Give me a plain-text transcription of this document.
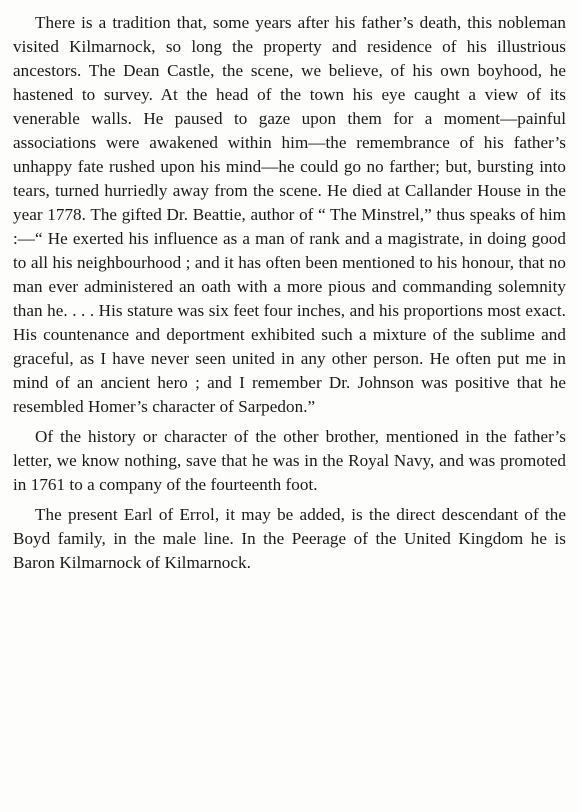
There is a tradition that, some years after his father’s death, this nobleman visited Kilmarnock, so long the property and residence of his illustrious ancestors. The Dean Castle, the scene, we believe, of his own boyhood, he hastened to survey. At the head of the town his eye caught a view of its venerable walls. He paused to gaze upon them for a moment—painful associations were awakened within him—the remembrance of his father’s unhappy fate rushed upon his mind—he could go no farther; but, bursting into tears, turned hurriedly away from the scene. He died at Callander House in the year 1778. The gifted Dr. Beattie, author of “ The Minstrel,” thus speaks of him :—“ He exerted his influence as a man of rank and a magistrate, in doing good to all his neighbourhood ; and it has often been mentioned to his honour, that no man ever administered an oath with a more pious and commanding solemnity than he. . . . His stature was six feet four inches, and his proportions most exact. His countenance and deportment exhibited such a mixture of the sublime and graceful, as I have never seen united in any other person. He often put me in mind of an ancient hero ; and I remember Dr. Johnson was positive that he resembled Homer’s character of Sarpedon.”

Of the history or character of the other brother, mentioned in the father’s letter, we know nothing, save that he was in the Royal Navy, and was promoted in 1761 to a company of the fourteenth foot.

The present Earl of Errol, it may be added, is the direct descendant of the Boyd family, in the male line. In the Peerage of the United Kingdom he is Baron Kilmarnock of Kilmarnock.
